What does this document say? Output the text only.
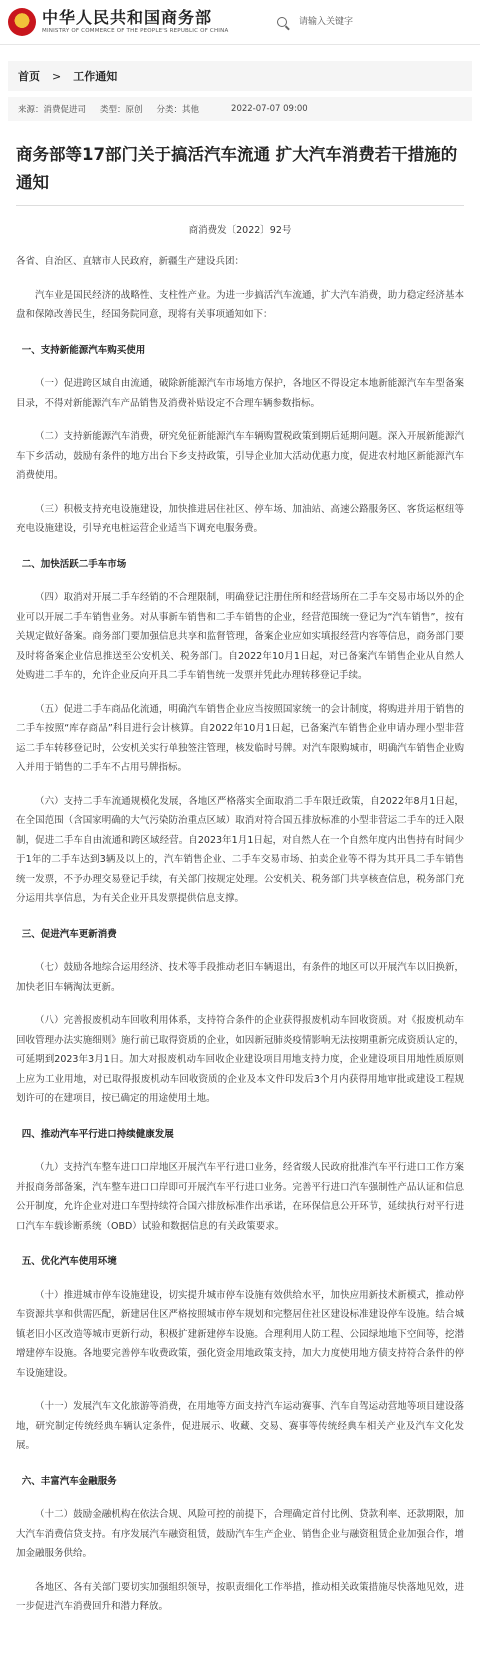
★
中华人民共和国商务部
MINISTRY OF COMMERCE OF THE PEOPLE'S REPUBLIC OF CHINA
请输入关键字
首页 > 工作通知
来源：消费促进司 类型：原创 分类：其他	2022-07-07 09:00
商务部等17部门关于搞活汽车流通 扩大汽车消费若干措施的通知
商消费发〔2022〕92号

各省、自治区、直辖市人民政府，新疆生产建设兵团：

汽车业是国民经济的战略性、支柱性产业。为进一步搞活汽车流通，扩大汽车消费，助力稳定经济基本盘和保障改善民生，经国务院同意，现将有关事项通知如下：

一、支持新能源汽车购买使用

（一）促进跨区域自由流通，破除新能源汽车市场地方保护，各地区不得设定本地新能源汽车车型备案目录，不得对新能源汽车产品销售及消费补贴设定不合理车辆参数指标。

（二）支持新能源汽车消费，研究免征新能源汽车车辆购置税政策到期后延期问题。深入开展新能源汽车下乡活动，鼓励有条件的地方出台下乡支持政策，引导企业加大活动优惠力度，促进农村地区新能源汽车消费使用。

（三）积极支持充电设施建设，加快推进居住社区、停车场、加油站、高速公路服务区、客货运枢纽等充电设施建设，引导充电桩运营企业适当下调充电服务费。

二、加快活跃二手车市场

（四）取消对开展二手车经销的不合理限制，明确登记注册住所和经营场所在二手车交易市场以外的企业可以开展二手车销售业务。对从事新车销售和二手车销售的企业，经营范围统一登记为“汽车销售”，按有关规定做好备案。商务部门要加强信息共享和监督管理，备案企业应如实填报经营内容等信息，商务部门要及时将备案企业信息推送至公安机关、税务部门。自2022年10月1日起，对已备案汽车销售企业从自然人处购进二手车的，允许企业反向开具二手车销售统一发票并凭此办理转移登记手续。

（五）促进二手车商品化流通，明确汽车销售企业应当按照国家统一的会计制度，将购进并用于销售的二手车按照“库存商品”科目进行会计核算。自2022年10月1日起，已备案汽车销售企业申请办理小型非营运二手车转移登记时，公安机关实行单独签注管理，核发临时号牌。对汽车限购城市，明确汽车销售企业购入并用于销售的二手车不占用号牌指标。

（六）支持二手车流通规模化发展，各地区严格落实全面取消二手车限迁政策，自2022年8月1日起，在全国范围（含国家明确的大气污染防治重点区域）取消对符合国五排放标准的小型非营运二手车的迁入限制，促进二手车自由流通和跨区域经营。自2023年1月1日起，对自然人在一个自然年度内出售持有时间少于1年的二手车达到3辆及以上的，汽车销售企业、二手车交易市场、拍卖企业等不得为其开具二手车销售统一发票，不予办理交易登记手续，有关部门按规定处理。公安机关、税务部门共享核查信息，税务部门充分运用共享信息，为有关企业开具发票提供信息支撑。

三、促进汽车更新消费

（七）鼓励各地综合运用经济、技术等手段推动老旧车辆退出，有条件的地区可以开展汽车以旧换新，加快老旧车辆淘汰更新。

（八）完善报废机动车回收利用体系，支持符合条件的企业获得报废机动车回收资质。对《报废机动车回收管理办法实施细则》施行前已取得资质的企业，如因新冠肺炎疫情影响无法按期重新完成资质认定的，可延期到2023年3月1日。加大对报废机动车回收企业建设项目用地支持力度，企业建设项目用地性质原则上应为工业用地，对已取得报废机动车回收资质的企业及本文件印发后3个月内获得用地审批或建设工程规划许可的在建项目，按已确定的用途使用土地。

四、推动汽车平行进口持续健康发展

（九）支持汽车整车进口口岸地区开展汽车平行进口业务，经省级人民政府批准汽车平行进口工作方案并报商务部备案，汽车整车进口口岸即可开展汽车平行进口业务。完善平行进口汽车强制性产品认证和信息公开制度，允许企业对进口车型持续符合国六排放标准作出承诺，在环保信息公开环节，延续执行对平行进口汽车车载诊断系统（OBD）试验和数据信息的有关政策要求。

五、优化汽车使用环境

（十）推进城市停车设施建设，切实提升城市停车设施有效供给水平，加快应用新技术新模式，推动停车资源共享和供需匹配，新建居住区严格按照城市停车规划和完整居住社区建设标准建设停车设施。结合城镇老旧小区改造等城市更新行动，积极扩建新建停车设施。合理利用人防工程、公园绿地地下空间等，挖潜增建停车设施。各地要完善停车收费政策，强化资金用地政策支持，加大力度使用地方债支持符合条件的停车设施建设。

（十一）发展汽车文化旅游等消费，在用地等方面支持汽车运动赛事、汽车自驾运动营地等项目建设落地，研究制定传统经典车辆认定条件，促进展示、收藏、交易、赛事等传统经典车相关产业及汽车文化发展。

六、丰富汽车金融服务

（十二）鼓励金融机构在依法合规、风险可控的前提下，合理确定首付比例、贷款利率、还款期限，加大汽车消费信贷支持。有序发展汽车融资租赁，鼓励汽车生产企业、销售企业与融资租赁企业加强合作，增加金融服务供给。

各地区、各有关部门要切实加强组织领导，按职责细化工作举措，推动相关政策措施尽快落地见效，进一步促进汽车消费回升和潜力释放。
